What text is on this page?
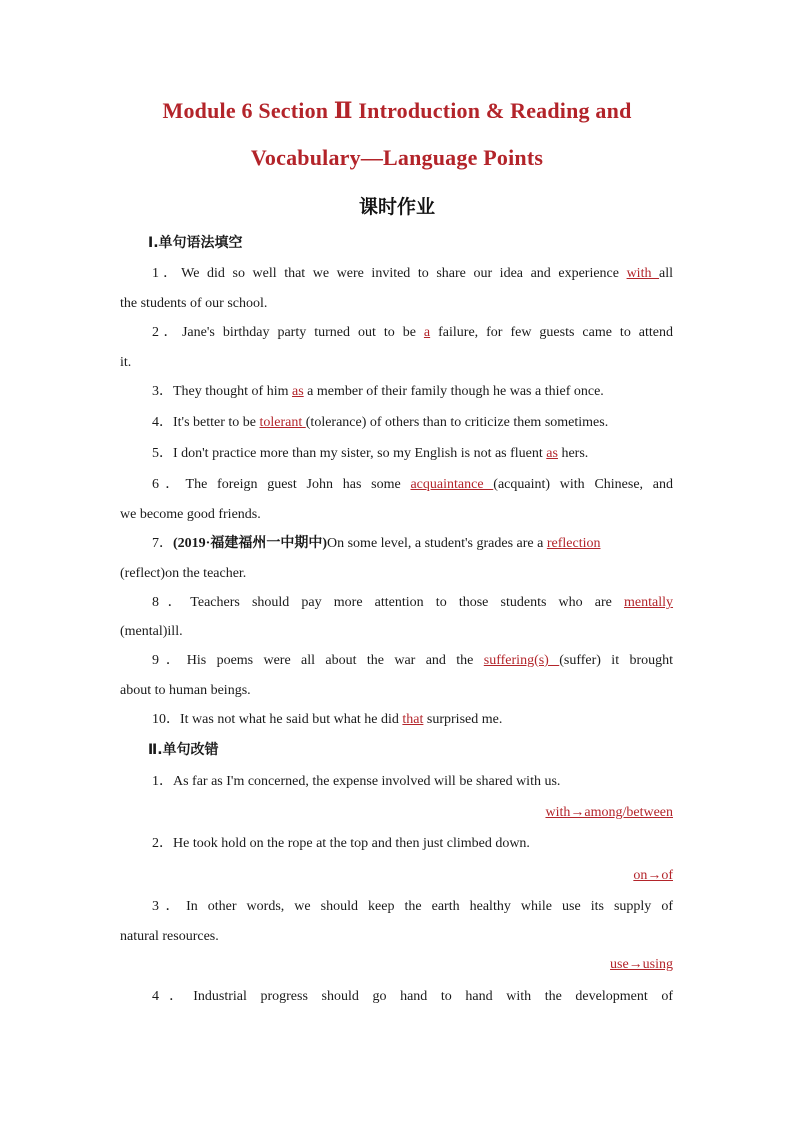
Module 6 Section Ⅱ Introduction & Reading and
Vocabulary—Language Points
课时作业
Ⅰ.单句语法填空
1．We did so well that we were invited to share our idea and experience with all
the students of our school.
2．Jane's birthday party turned out to be a failure, for few guests came to attend
it.
3．They thought of him as a member of their family though he was a thief once.
4．It's better to be tolerant (tolerance) of others than to criticize them sometimes.
5．I don't practice more than my sister, so my English is not as fluent as hers.
6．The foreign guest John has some acquaintance (acquaint) with Chinese, and
we become good friends.
7．(2019·福建福州一中期中)On some level, a student's grades are a reflection
(reflect)on the teacher.
8．Teachers should pay more attention to those students who are mentally
(mental)ill.
9．His poems were all about the war and the suffering(s) (suffer) it brought
about to human beings.
10．It was not what he said but what he did that surprised me.
Ⅱ.单句改错
1．As far as I'm concerned, the expense involved will be shared with us.
with→among/between
2．He took hold on the rope at the top and then just climbed down.
on→of
3．In other words, we should keep the earth healthy while use its supply of
natural resources.
use→using
4．Industrial progress should go hand to hand with the development of
